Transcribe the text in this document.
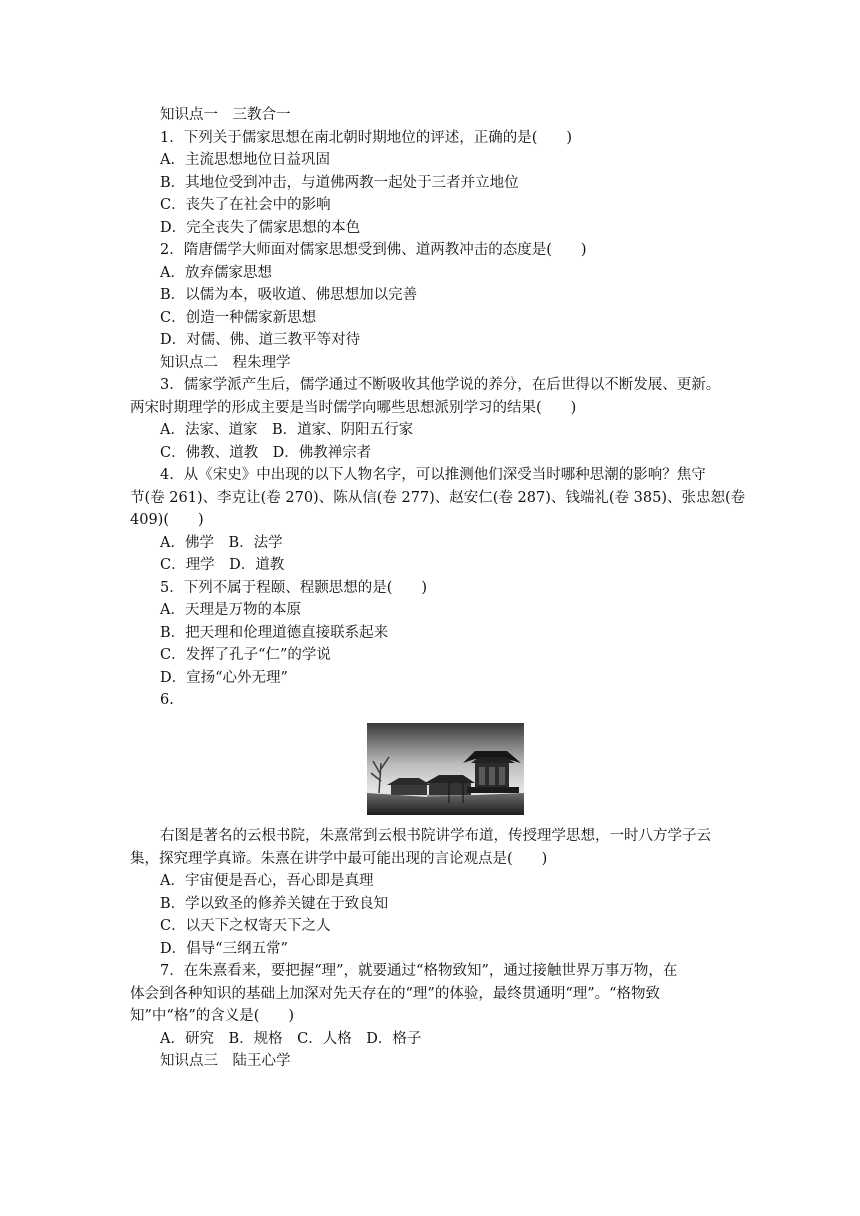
知识点一　三教合一
1．下列关于儒家思想在南北朝时期地位的评述，正确的是(　　)
A．主流思想地位日益巩固
B．其地位受到冲击，与道佛两教一起处于三者并立地位
C．丧失了在社会中的影响
D．完全丧失了儒家思想的本色
2．隋唐儒学大师面对儒家思想受到佛、道两教冲击的态度是(　　)
A．放弃儒家思想
B．以儒为本，吸收道、佛思想加以完善
C．创造一种儒家新思想
D．对儒、佛、道三教平等对待
知识点二　程朱理学
3．儒家学派产生后，儒学通过不断吸收其他学说的养分，在后世得以不断发展、更新。
两宋时期理学的形成主要是当时儒学向哪些思想派别学习的结果(　　)
A．法家、道家　B．道家、阴阳五行家
C．佛教、道教　D．佛教禅宗者
4．从《宋史》中出现的以下人物名字，可以推测他们深受当时哪种思潮的影响？焦守
节(卷 261)、李克让(卷 270)、陈从信(卷 277)、赵安仁(卷 287)、钱端礼(卷 385)、张忠恕(卷
409)(　　)
A．佛学　B．法学
C．理学　D．道教
5．下列不属于程颐、程颢思想的是(　　)
A．天理是万物的本原
B．把天理和伦理道德直接联系起来
C．发挥了孔子“仁”的学说
D．宣扬“心外无理”
6.
右图是著名的云根书院，朱熹常到云根书院讲学布道，传授理学思想，一时八方学子云
集，探究理学真谛。朱熹在讲学中最可能出现的言论观点是(　　)
A．宇宙便是吾心，吾心即是真理
B．学以致圣的修养关键在于致良知
C．以天下之权寄天下之人
D．倡导“三纲五常”
7．在朱熹看来，要把握“理”，就要通过“格物致知”，通过接触世界万事万物，在
体会到各种知识的基础上加深对先天存在的“理”的体验，最终贯通明“理”。“格物致
知”中“格”的含义是(　　)
A．研究　B．规格　C．人格　D．格子
知识点三　陆王心学
